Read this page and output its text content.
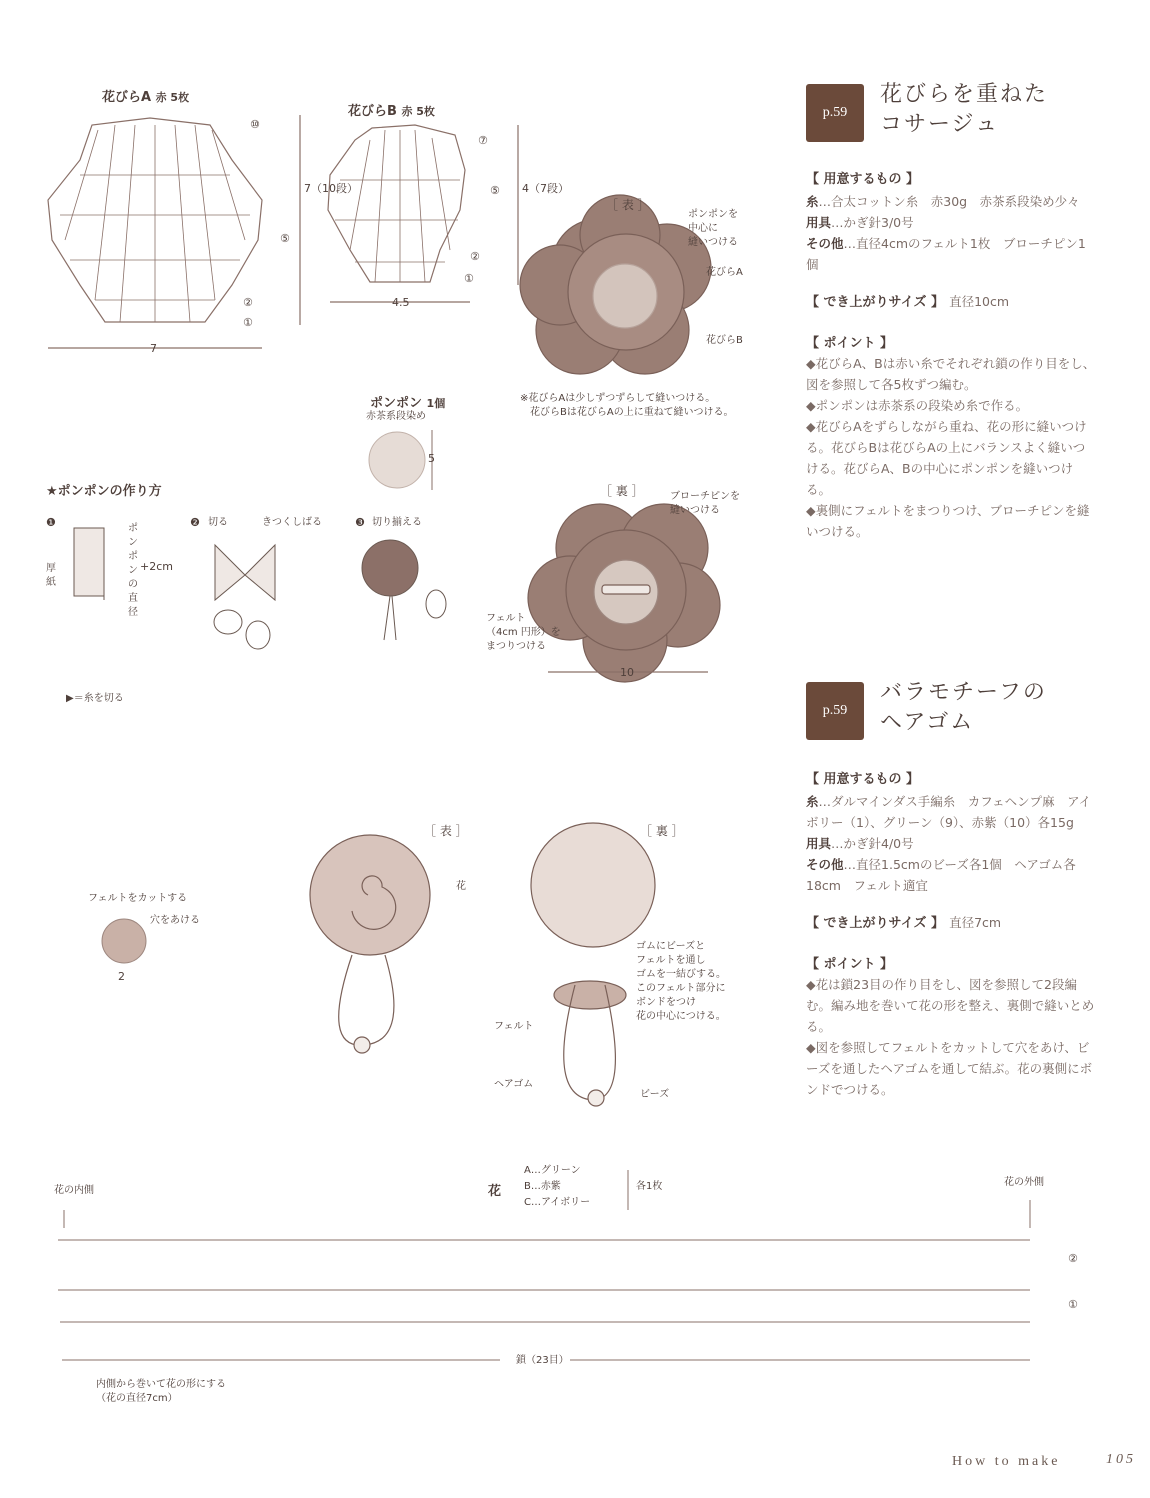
p.59
花びらを重ねた
コサージュ
【 用意するもの 】
糸…合太コットン糸　赤30g　赤茶系段染め少々
用具…かぎ針3/0号
その他…直径4cmのフェルト1枚　ブローチピン1個
【 でき上がりサイズ 】 直径10cm
【 ポイント 】
◆花びらA、Bは赤い糸でそれぞれ鎖の作り目をし、図を参照して各5枚ずつ編む。
◆ポンポンは赤茶系の段染め糸で作る。
◆花びらAをずらしながら重ね、花の形に縫いつける。花びらBは花びらAの上にバランスよく縫いつける。花びらA、Bの中心にポンポンを縫いつける。
◆裏側にフェルトをまつりつけ、ブローチピンを縫いつける。
p.59
バラモチーフの
ヘアゴム
【 用意するもの 】
糸…ダルマインダス手編糸　カフェヘンプ麻　アイボリー（1）、グリーン（9）、赤紫（10）各15g
用具…かぎ針4/0号
その他…直径1.5cmのビーズ各1個　ヘアゴム各18cm　フェルト適宜
【 でき上がりサイズ 】 直径7cm
【 ポイント 】
◆花は鎖23目の作り目をし、図を参照して2段編む。編み地を巻いて花の形を整え、裏側で縫いとめる。
◆図を参照してフェルトをカットして穴をあけ、ビーズを通したヘアゴムを通して結ぶ。花の裏側にボンドでつける。
花びらA 赤 5枚
7
7（10段）
⑩
⑤
②
①
花びらB 赤 5枚
4.5
4（7段）
⑦
⑤
②
①
［ 表 ］
ポンポンを
中心に
縫いつける
花びらA
花びらB
※花びらAは少しずつずらして縫いつける。
　花びらBは花びらAの上に重ねて縫いつける。
ポンポン 1個
赤茶系段染め
5
★ポンポンの作り方
❶
厚紙
ポンポンの直径
+2cm
❷ 切る	きつくしばる	❸ 切り揃える
［ 裏 ］	ブローチピンを
縫いつける
フェルト
（4cm 円形）を
まつりつける
10
▶＝糸を切る
［ 表 ］
花
［ 裏 ］
フェルトをカットする
穴をあける
2
ゴムにビーズと
フェルトを通し
ゴムを一結びする。
このフェルト部分に
ボンドをつけ
花の中心につける。
フェルト
ヘアゴム
ビーズ
花
A…グリーン
B…赤紫
C…アイボリー
各1枚
花の内側
花の外側
②
①
鎖（23目）
内側から巻いて花の形にする
（花の直径7cm）
How to make	105
